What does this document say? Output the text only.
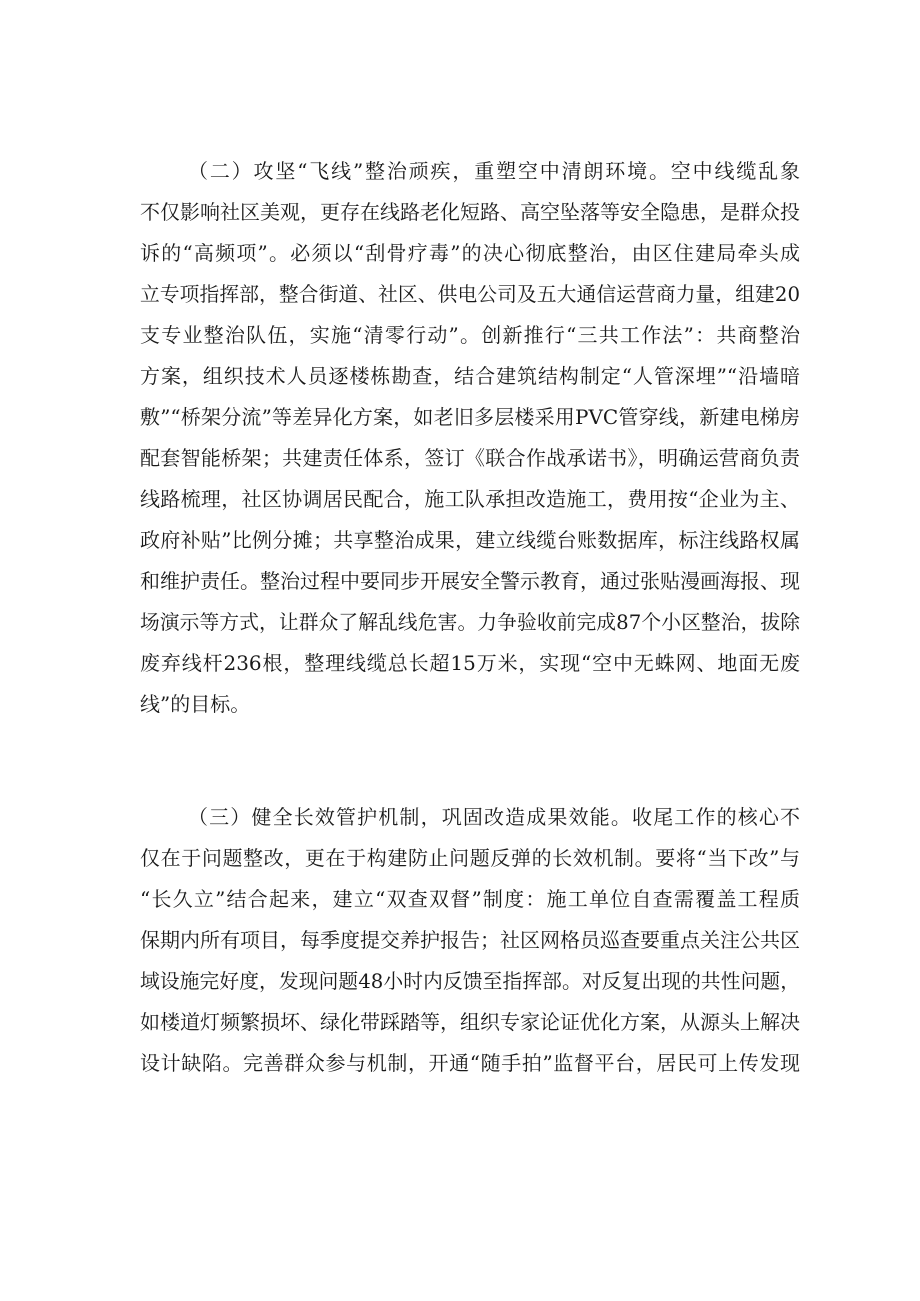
（二）攻坚“飞线”整治顽疾，重塑空中清朗环境。空中线缆乱象
不仅影响社区美观，更存在线路老化短路、高空坠落等安全隐患，是群众投
诉的“高频项”。必须以“刮骨疗毒”的决心彻底整治，由区住建局牵头成
立专项指挥部，整合街道、社区、供电公司及五大通信运营商力量，组建20
支专业整治队伍，实施“清零行动”。创新推行“三共工作法”：共商整治
方案，组织技术人员逐楼栋勘查，结合建筑结构制定“人管深埋”“沿墙暗
敷”“桥架分流”等差异化方案，如老旧多层楼采用PVC管穿线，新建电梯房
配套智能桥架；共建责任体系，签订《联合作战承诺书》，明确运营商负责
线路梳理，社区协调居民配合，施工队承担改造施工，费用按“企业为主、
政府补贴”比例分摊；共享整治成果，建立线缆台账数据库，标注线路权属
和维护责任。整治过程中要同步开展安全警示教育，通过张贴漫画海报、现
场演示等方式，让群众了解乱线危害。力争验收前完成87个小区整治，拔除
废弃线杆236根，整理线缆总长超15万米，实现“空中无蛛网、地面无废
线”的目标。
（三）健全长效管护机制，巩固改造成果效能。收尾工作的核心不
仅在于问题整改，更在于构建防止问题反弹的长效机制。要将“当下改”与
“长久立”结合起来，建立“双查双督”制度：施工单位自查需覆盖工程质
保期内所有项目，每季度提交养护报告；社区网格员巡查要重点关注公共区
域设施完好度，发现问题48小时内反馈至指挥部。对反复出现的共性问题，
如楼道灯频繁损坏、绿化带踩踏等，组织专家论证优化方案，从源头上解决
设计缺陷。完善群众参与机制，开通“随手拍”监督平台，居民可上传发现
